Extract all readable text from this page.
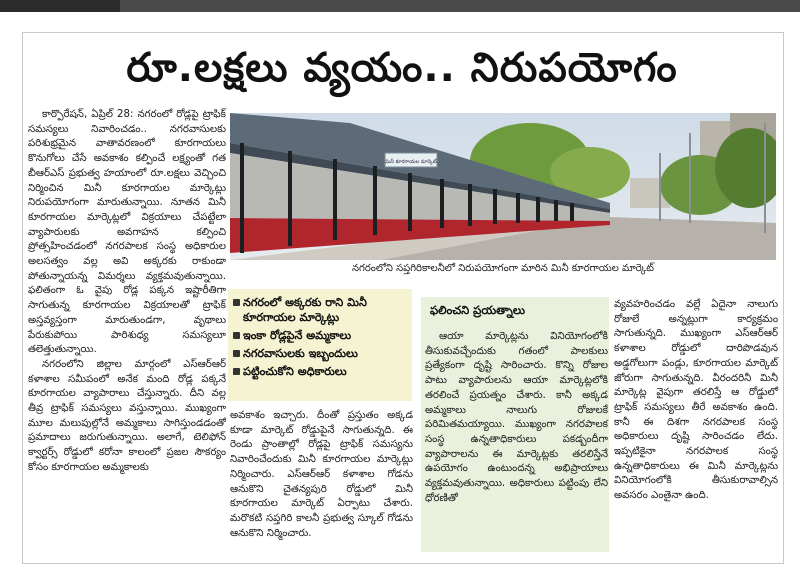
రూ.లక్షలు వ్యయం.. నిరుపయోగం

కార్పొరేషన్, ఏప్రిల్ 28: నగరంలో రోడ్లపై ట్రాఫిక్ సమస్యలు నివారించడం.. నగరవాసులకు పరిశుభ్రమైన వాతావరణంలో కూరగాయలు కొనుగోలు చేసే అవకాశం కల్పించే లక్ష్యంతో గత బీఆర్ఎస్ ప్రభుత్వ హయాంలో రూ.లక్షలు వెచ్చించి నిర్మించిన మినీ కూరగాయల మార్కెట్లు నిరుపయోగంగా మారుతున్నాయి. నూతన మినీ కూరగాయల మార్కెట్లలో విక్రయాలు చేపట్టేలా వ్యాపారులకు అవగాహన కల్పించి ప్రోత్సహించడంలో నగరపాలక సంస్థ అధికారుల అలసత్వం వల్ల అవి అక్కరకు రాకుండా పోతున్నాయన్న విమర్శలు వ్యక్తమవుతున్నాయి. ఫలితంగా ఓ వైపు రోడ్ల పక్కన ఇష్టారీతిగా సాగుతున్న కూరగాయల విక్రయాలతో ట్రాఫిక్ అస్తవ్యస్తంగా మారుతుండగా, వృథాలు పేరుకుపోయి పారిశుధ్య సమస్యలూ తలెత్తుతున్నాయి.

నగరంలోని జిల్లాల మార్గంలో ఎస్ఆర్ఆర్ కళాశాల సమీపంలో అనేక మంది రోడ్ల పక్కనే కూరగాయల వ్యాపారాలు చేస్తున్నారు. దీని వల్ల తీవ్ర ట్రాఫిక్ సమస్యలు వస్తున్నాయి. ముఖ్యంగా మూల మలుపుల్లోనే అమ్మకాలు సాగిస్తుండడంతో ప్రమాదాలు జరుగుతున్నాయి. అలాగే, టెలిఫోన్ క్వార్టర్స్ రోడ్డులో కరోనా కాలంలో ప్రజల సౌకర్యం కోసం కూరగాయల అమ్మకాలకు

మినీ కూరగాయల మార్కెట్
నగరంలోని సప్తగిరికాలనీలో నిరుపయోగంగా మారిన మినీ కూరగాయల మార్కెట్
నగరంలో అక్కరకు రాని మినీ కూరగాయల మార్కెట్లు
ఇంకా రోడ్లపైనే అమ్మకాలు
నగరవాసులకు ఇబ్బందులు
పట్టించుకోని అధికారులు

అవకాశం ఇచ్చారు. దీంతో ప్రస్తుతం అక్కడ కూడా మార్కెట్ రోడ్డుపైనే సాగుతున్నది. ఈ రెండు ప్రాంతాల్లో రోడ్లపై ట్రాఫిక్ సమస్యను నివారించేందుకు మినీ కూరగాయల మార్కెట్లు నిర్మించారు. ఎస్ఆర్ఆర్ కళాశాల గోడను ఆనుకొని చైతన్యపురి రోడ్డులో మినీ కూరగాయల మార్కెట్ ఏర్పాటు చేశారు. మరొకటి సప్తగిరి కాలనీ ప్రభుత్వ స్కూల్ గోడను ఆనుకొని నిర్మించారు.

ఫలించని ప్రయత్నాలు

ఆయా మార్కెట్లను వినియోగంలోకి తీసుకువచ్చేందుకు గతంలో పాలకులు ప్రత్యేకంగా దృష్టి సారించారు. కొన్ని రోజుల పాటు వ్యాపారులను ఆయా మార్కెట్లలోకి తరలించే ప్రయత్నం చేశారు. కానీ అక్కడ అమ్మకాలు నాలుగు రోజులకే పరిమితమయ్యాయి. ముఖ్యంగా నగరపాలక సంస్థ ఉన్నతాధికారులు పకడ్బందీగా వ్యాపారాలను ఈ మార్కెట్లకు తరలిస్తేనే ఉపయోగం ఉంటుందన్న అభిప్రాయాలు వ్యక్తమవుతున్నాయి. అధికారులు పట్టింపు లేని ధోరణితో

వ్యవహరించడం వల్లే ఏదైనా నాలుగు రోజులే అన్నట్లుగా కార్యక్రమం సాగుతున్నది. ముఖ్యంగా ఎస్ఆర్ఆర్ కళాశాల రోడ్డులో దారిపొడవున అడ్డగోలుగా పండ్లు, కూరగాయల మార్కెట్ జోరుగా సాగుతున్నది. వీరందరినీ మినీ మార్కెట్ల వైపుగా తరలిస్తే ఆ రోడ్డులో ట్రాఫిక్ సమస్యలు తీరే అవకాశం ఉంది. కానీ ఈ దిశగా నగరపాలక సంస్థ అధికారులు దృష్టి సారించడం లేదు. ఇప్పటికైనా నగరపాలక సంస్థ ఉన్నతాధికారులు ఈ మినీ మార్కెట్లను వినియోగంలోకి తీసుకురావాల్సిన అవసరం ఎంతైనా ఉంది.
